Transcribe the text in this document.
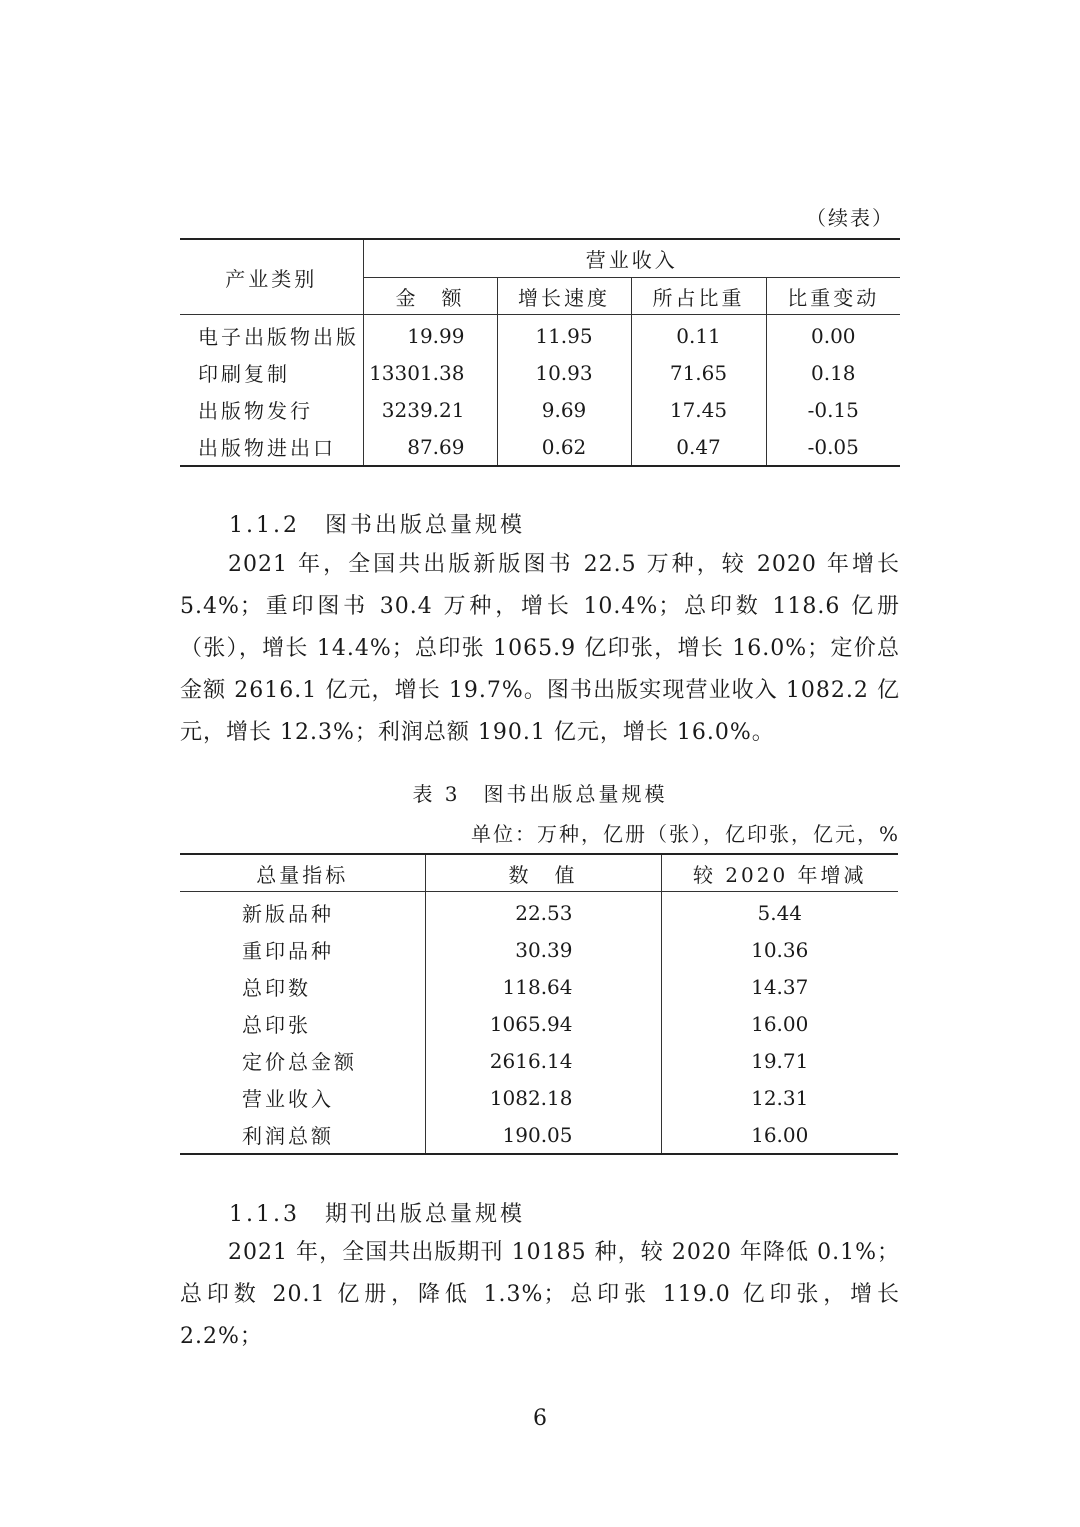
（续表）
产业类别	营业收入			
	金　额	增长速度	所占比重	比重变动
电子出版物出版	19.99	11.95	0.11	0.00
印刷复制	13301.38	10.93	71.65	0.18
出版物发行	3239.21	9.69	17.45	-0.15
出版物进出口	87.69	0.62	0.47	-0.05
1.1.2　图书出版总量规模

2021 年，全国共出版新版图书 22.5 万种，较 2020 年增长 5.4%；重印图书 30.4 万种，增长 10.4%；总印数 118.6 亿册（张），增长 14.4%；总印张 1065.9 亿印张，增长 16.0%；定价总金额 2616.1 亿元，增长 19.7%。图书出版实现营业收入 1082.2 亿元，增长 12.3%；利润总额 190.1 亿元，增长 16.0%。

表 3　图书出版总量规模
单位：万种，亿册（张），亿印张，亿元，%
总量指标	数　值	较 2020 年增减
新版品种	22.53	5.44
重印品种	30.39	10.36
总印数	118.64	14.37
总印张	1065.94	16.00
定价总金额	2616.14	19.71
营业收入	1082.18	12.31
利润总额	190.05	16.00
1.1.3　期刊出版总量规模

2021 年，全国共出版期刊 10185 种，较 2020 年降低 0.1%；总印数 20.1 亿册，降低 1.3%；总印张 119.0 亿印张，增长 2.2%；

6
